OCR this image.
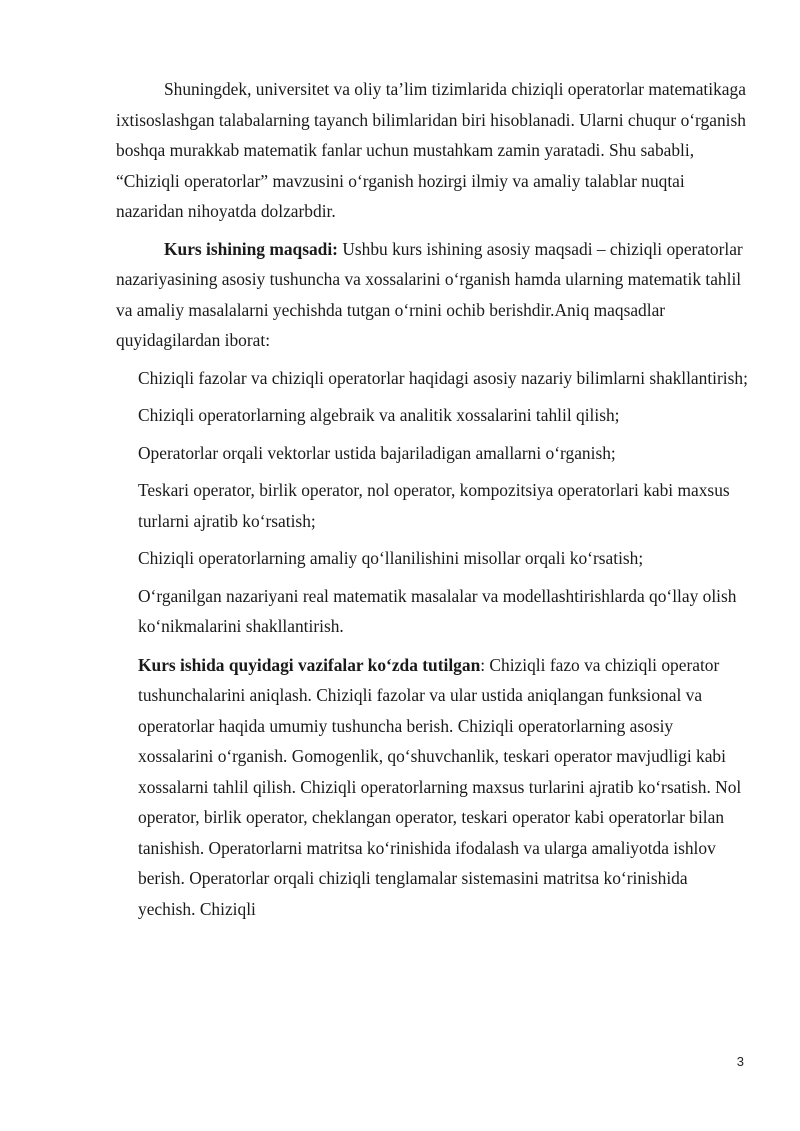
Shuningdek, universitet va oliy ta’lim tizimlarida chiziqli operatorlar matematikaga ixtisoslashgan talabalarning tayanch bilimlaridan biri hisoblanadi. Ularni chuqur o‘rganish boshqa murakkab matematik fanlar uchun mustahkam zamin yaratadi. Shu sababli, “Chiziqli operatorlar” mavzusini o‘rganish hozirgi ilmiy va amaliy talablar nuqtai nazaridan nihoyatda dolzarbdir.

Kurs ishining maqsadi: Ushbu kurs ishining asosiy maqsadi – chiziqli operatorlar nazariyasining asosiy tushuncha va xossalarini o‘rganish hamda ularning matematik tahlil va amaliy masalalarni yechishda tutgan o‘rnini ochib berishdir.Aniq maqsadlar quyidagilardan iborat:

Chiziqli fazolar va chiziqli operatorlar haqidagi asosiy nazariy bilimlarni shakllantirish;

Chiziqli operatorlarning algebraik va analitik xossalarini tahlil qilish;

Operatorlar orqali vektorlar ustida bajariladigan amallarni o‘rganish;

Teskari operator, birlik operator, nol operator, kompozitsiya operatorlari kabi maxsus turlarni ajratib ko‘rsatish;

Chiziqli operatorlarning amaliy qo‘llanilishini misollar orqali ko‘rsatish;

O‘rganilgan nazariyani real matematik masalalar va modellashtirishlarda qo‘llay olish ko‘nikmalarini shakllantirish.

Kurs ishida quyidagi vazifalar ko‘zda tutilgan: Chiziqli fazo va chiziqli operator tushunchalarini aniqlash. Chiziqli fazolar va ular ustida aniqlangan funksional va operatorlar haqida umumiy tushuncha berish. Chiziqli operatorlarning asosiy xossalarini o‘rganish. Gomogenlik, qo‘shuvchanlik, teskari operator mavjudligi kabi xossalarni tahlil qilish. Chiziqli operatorlarning maxsus turlarini ajratib ko‘rsatish. Nol operator, birlik operator, cheklangan operator, teskari operator kabi operatorlar bilan tanishish. Operatorlarni matritsa ko‘rinishida ifodalash va ularga amaliyotda ishlov berish. Operatorlar orqali chiziqli tenglamalar sistemasini matritsa ko‘rinishida yechish. Chiziqli

3
